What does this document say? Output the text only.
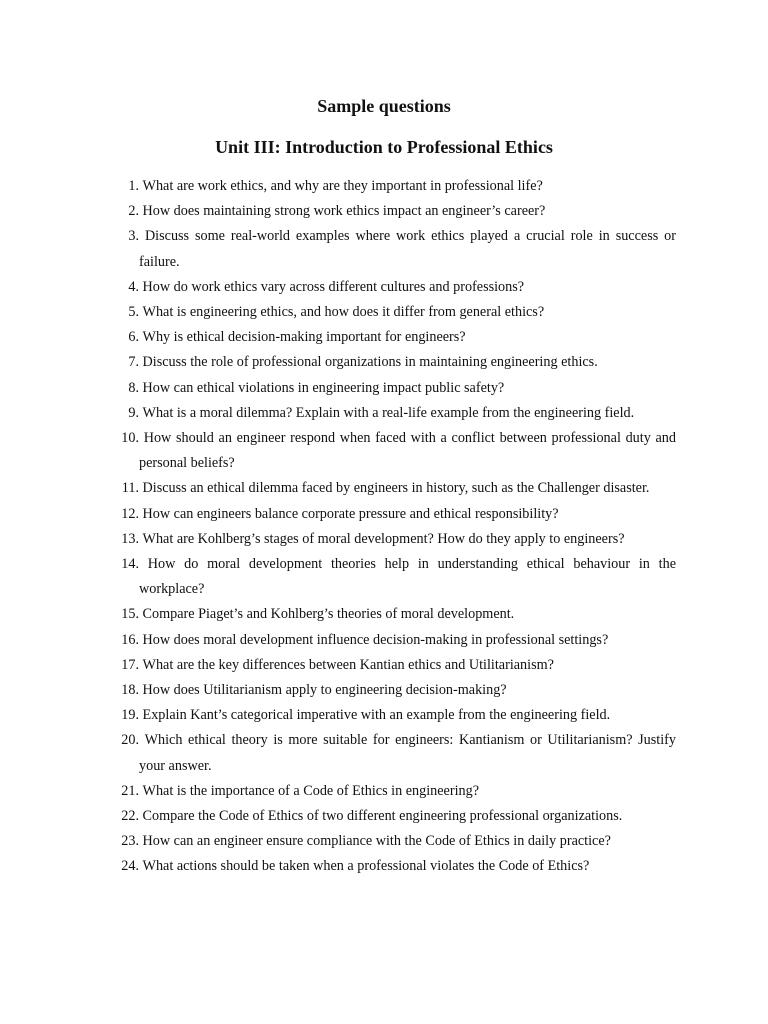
Sample questions
Unit III: Introduction to Professional Ethics
1. What are work ethics, and why are they important in professional life?
2. How does maintaining strong work ethics impact an engineer’s career?
3. Discuss some real-world examples where work ethics played a crucial role in success or failure.
4. How do work ethics vary across different cultures and professions?
5. What is engineering ethics, and how does it differ from general ethics?
6. Why is ethical decision-making important for engineers?
7. Discuss the role of professional organizations in maintaining engineering ethics.
8. How can ethical violations in engineering impact public safety?
9. What is a moral dilemma? Explain with a real-life example from the engineering field.
10. How should an engineer respond when faced with a conflict between professional duty and personal beliefs?
11. Discuss an ethical dilemma faced by engineers in history, such as the Challenger disaster.
12. How can engineers balance corporate pressure and ethical responsibility?
13. What are Kohlberg’s stages of moral development? How do they apply to engineers?
14. How do moral development theories help in understanding ethical behaviour in the workplace?
15. Compare Piaget’s and Kohlberg’s theories of moral development.
16. How does moral development influence decision-making in professional settings?
17. What are the key differences between Kantian ethics and Utilitarianism?
18. How does Utilitarianism apply to engineering decision-making?
19. Explain Kant’s categorical imperative with an example from the engineering field.
20. Which ethical theory is more suitable for engineers: Kantianism or Utilitarianism? Justify your answer.
21. What is the importance of a Code of Ethics in engineering?
22. Compare the Code of Ethics of two different engineering professional organizations.
23. How can an engineer ensure compliance with the Code of Ethics in daily practice?
24. What actions should be taken when a professional violates the Code of Ethics?
